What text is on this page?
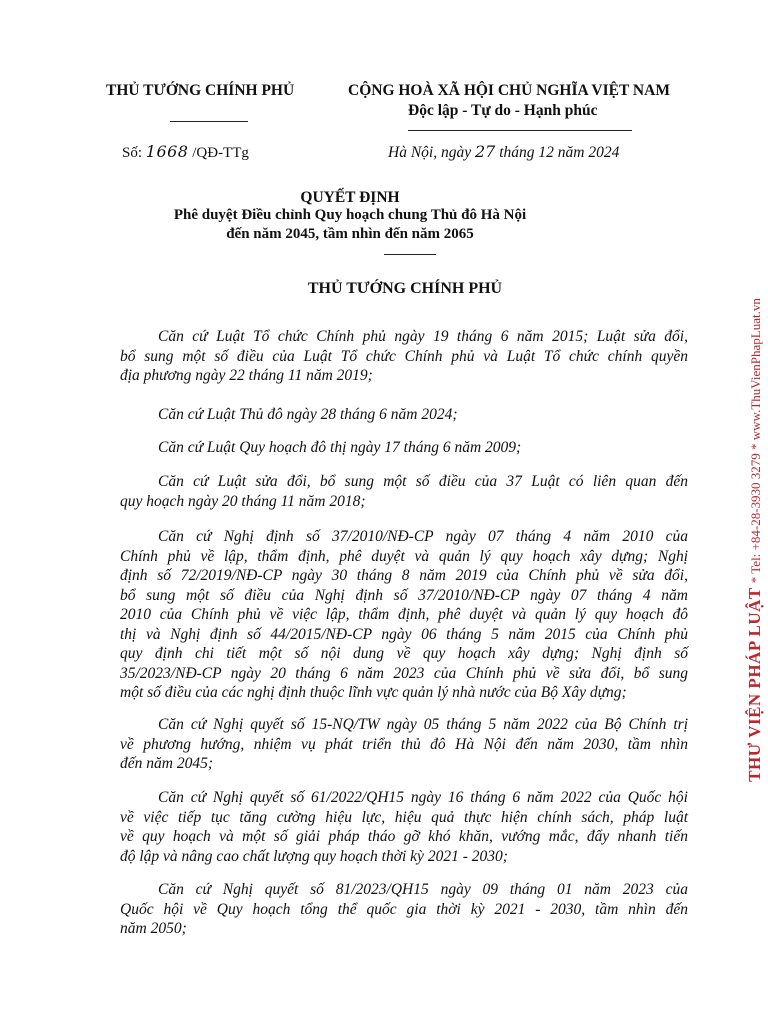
THỦ TƯỚNG CHÍNH PHỦ	CỘNG HOÀ XÃ HỘI CHỦ NGHĨA VIỆT NAM
Độc lập - Tự do - Hạnh phúc
Số: 1668 /QĐ-TTg	Hà Nội, ngày 27 tháng 12 năm 2024
QUYẾT ĐỊNH
Phê duyệt Điều chỉnh Quy hoạch chung Thủ đô Hà Nội
đến năm 2045, tầm nhìn đến năm 2065
THỦ TƯỚNG CHÍNH PHỦ
Căn cứ Luật Tổ chức Chính phủ ngày 19 tháng 6 năm 2015; Luật sửa đổi,
bổ sung một số điều của Luật Tổ chức Chính phủ và Luật Tổ chức chính quyền
địa phương ngày 22 tháng 11 năm 2019;
Căn cứ Luật Thủ đô ngày 28 tháng 6 năm 2024;
Căn cứ Luật Quy hoạch đô thị ngày 17 tháng 6 năm 2009;
Căn cứ Luật sửa đổi, bổ sung một số điều của 37 Luật có liên quan đến
quy hoạch ngày 20 tháng 11 năm 2018;
Căn cứ Nghị định số 37/2010/NĐ-CP ngày 07 tháng 4 năm 2010 của
Chính phủ về lập, thẩm định, phê duyệt và quản lý quy hoạch xây dựng; Nghị
định số 72/2019/NĐ-CP ngày 30 tháng 8 năm 2019 của Chính phủ về sửa đổi,
bổ sung một số điều của Nghị định số 37/2010/NĐ-CP ngày 07 tháng 4 năm
2010 của Chính phủ về việc lập, thẩm định, phê duyệt và quản lý quy hoạch đô
thị và Nghị định số 44/2015/NĐ-CP ngày 06 tháng 5 năm 2015 của Chính phủ
quy định chi tiết một số nội dung về quy hoạch xây dựng; Nghị định số
35/2023/NĐ-CP ngày 20 tháng 6 năm 2023 của Chính phủ về sửa đổi, bổ sung
một số điều của các nghị định thuộc lĩnh vực quản lý nhà nước của Bộ Xây dựng;
Căn cứ Nghị quyết số 15-NQ/TW ngày 05 tháng 5 năm 2022 của Bộ Chính trị
về phương hướng, nhiệm vụ phát triển thủ đô Hà Nội đến năm 2030, tầm nhìn
đến năm 2045;
Căn cứ Nghị quyết số 61/2022/QH15 ngày 16 tháng 6 năm 2022 của Quốc hội
về việc tiếp tục tăng cường hiệu lực, hiệu quả thực hiện chính sách, pháp luật
về quy hoạch và một số giải pháp tháo gỡ khó khăn, vướng mắc, đẩy nhanh tiến
độ lập và nâng cao chất lượng quy hoạch thời kỳ 2021 - 2030;
Căn cứ Nghị quyết số 81/2023/QH15 ngày 09 tháng 01 năm 2023 của
Quốc hội về Quy hoạch tổng thể quốc gia thời kỳ 2021 - 2030, tầm nhìn đến
năm 2050;
THƯ VIỆN PHÁP LUẬT * Tel: +84-28-3930 3279 * www.ThuVienPhapLuat.vn
